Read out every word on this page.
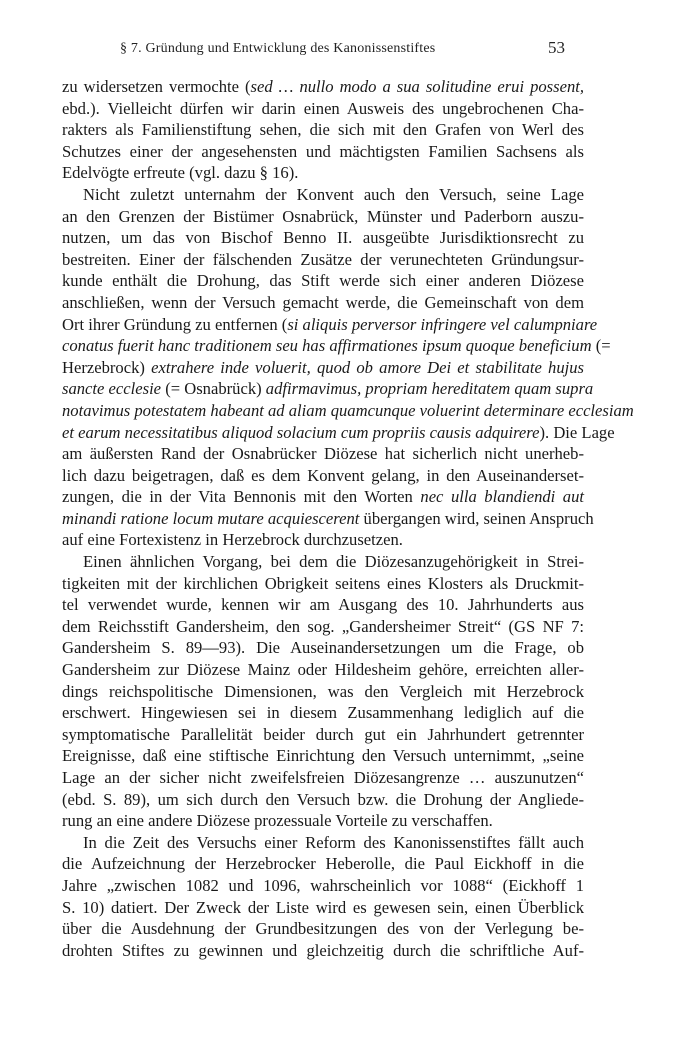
§ 7. Gründung und Entwicklung des Kanonissenstiftes	53
zu widersetzen vermochte (sed … nullo modo a sua solitudine erui possent,
ebd.). Vielleicht dürfen wir darin einen Ausweis des ungebrochenen Cha-
rakters als Familienstiftung sehen, die sich mit den Grafen von Werl des
Schutzes einer der angesehensten und mächtigsten Familien Sachsens als
Edelvögte erfreute (vgl. dazu § 16).
Nicht zuletzt unternahm der Konvent auch den Versuch, seine Lage
an den Grenzen der Bistümer Osnabrück, Münster und Paderborn auszu-
nutzen, um das von Bischof Benno II. ausgeübte Jurisdiktionsrecht zu
bestreiten. Einer der fälschenden Zusätze der verunechteten Gründungsur-
kunde enthält die Drohung, das Stift werde sich einer anderen Diözese
anschließen, wenn der Versuch gemacht werde, die Gemeinschaft von dem
Ort ihrer Gründung zu entfernen (si aliquis perversor infringere vel calumpniare
conatus fuerit hanc traditionem seu has affirmationes ipsum quoque beneficium (=
Herzebrock) extrahere inde voluerit, quod ob amore Dei et stabilitate hujus
sancte ecclesie (= Osnabrück) adfirmavimus, propriam hereditatem quam supra
notavimus potestatem habeant ad aliam quamcunque voluerint determinare ecclesiam
et earum necessitatibus aliquod solacium cum propriis causis adquirere). Die Lage
am äußersten Rand der Osnabrücker Diözese hat sicherlich nicht unerheb-
lich dazu beigetragen, daß es dem Konvent gelang, in den Auseinanderset-
zungen, die in der Vita Bennonis mit den Worten nec ulla blandiendi aut
minandi ratione locum mutare acquiescerent übergangen wird, seinen Anspruch
auf eine Fortexistenz in Herzebrock durchzusetzen.
Einen ähnlichen Vorgang, bei dem die Diözesanzugehörigkeit in Strei-
tigkeiten mit der kirchlichen Obrigkeit seitens eines Klosters als Druckmit-
tel verwendet wurde, kennen wir am Ausgang des 10. Jahrhunderts aus
dem Reichsstift Gandersheim, den sog. „Gandersheimer Streit“ (GS NF 7:
Gandersheim S. 89—93). Die Auseinandersetzungen um die Frage, ob
Gandersheim zur Diözese Mainz oder Hildesheim gehöre, erreichten aller-
dings reichspolitische Dimensionen, was den Vergleich mit Herzebrock
erschwert. Hingewiesen sei in diesem Zusammenhang lediglich auf die
symptomatische Parallelität beider durch gut ein Jahrhundert getrennter
Ereignisse, daß eine stiftische Einrichtung den Versuch unternimmt, „seine
Lage an der sicher nicht zweifelsfreien Diözesangrenze … auszunutzen“
(ebd. S. 89), um sich durch den Versuch bzw. die Drohung der Angliede-
rung an eine andere Diözese prozessuale Vorteile zu verschaffen.
In die Zeit des Versuchs einer Reform des Kanonissenstiftes fällt auch
die Aufzeichnung der Herzebrocker Heberolle, die Paul Eickhoff in die
Jahre „zwischen 1082 und 1096, wahrscheinlich vor 1088“ (Eickhoff 1
S. 10) datiert. Der Zweck der Liste wird es gewesen sein, einen Überblick
über die Ausdehnung der Grundbesitzungen des von der Verlegung be-
drohten Stiftes zu gewinnen und gleichzeitig durch die schriftliche Auf-
